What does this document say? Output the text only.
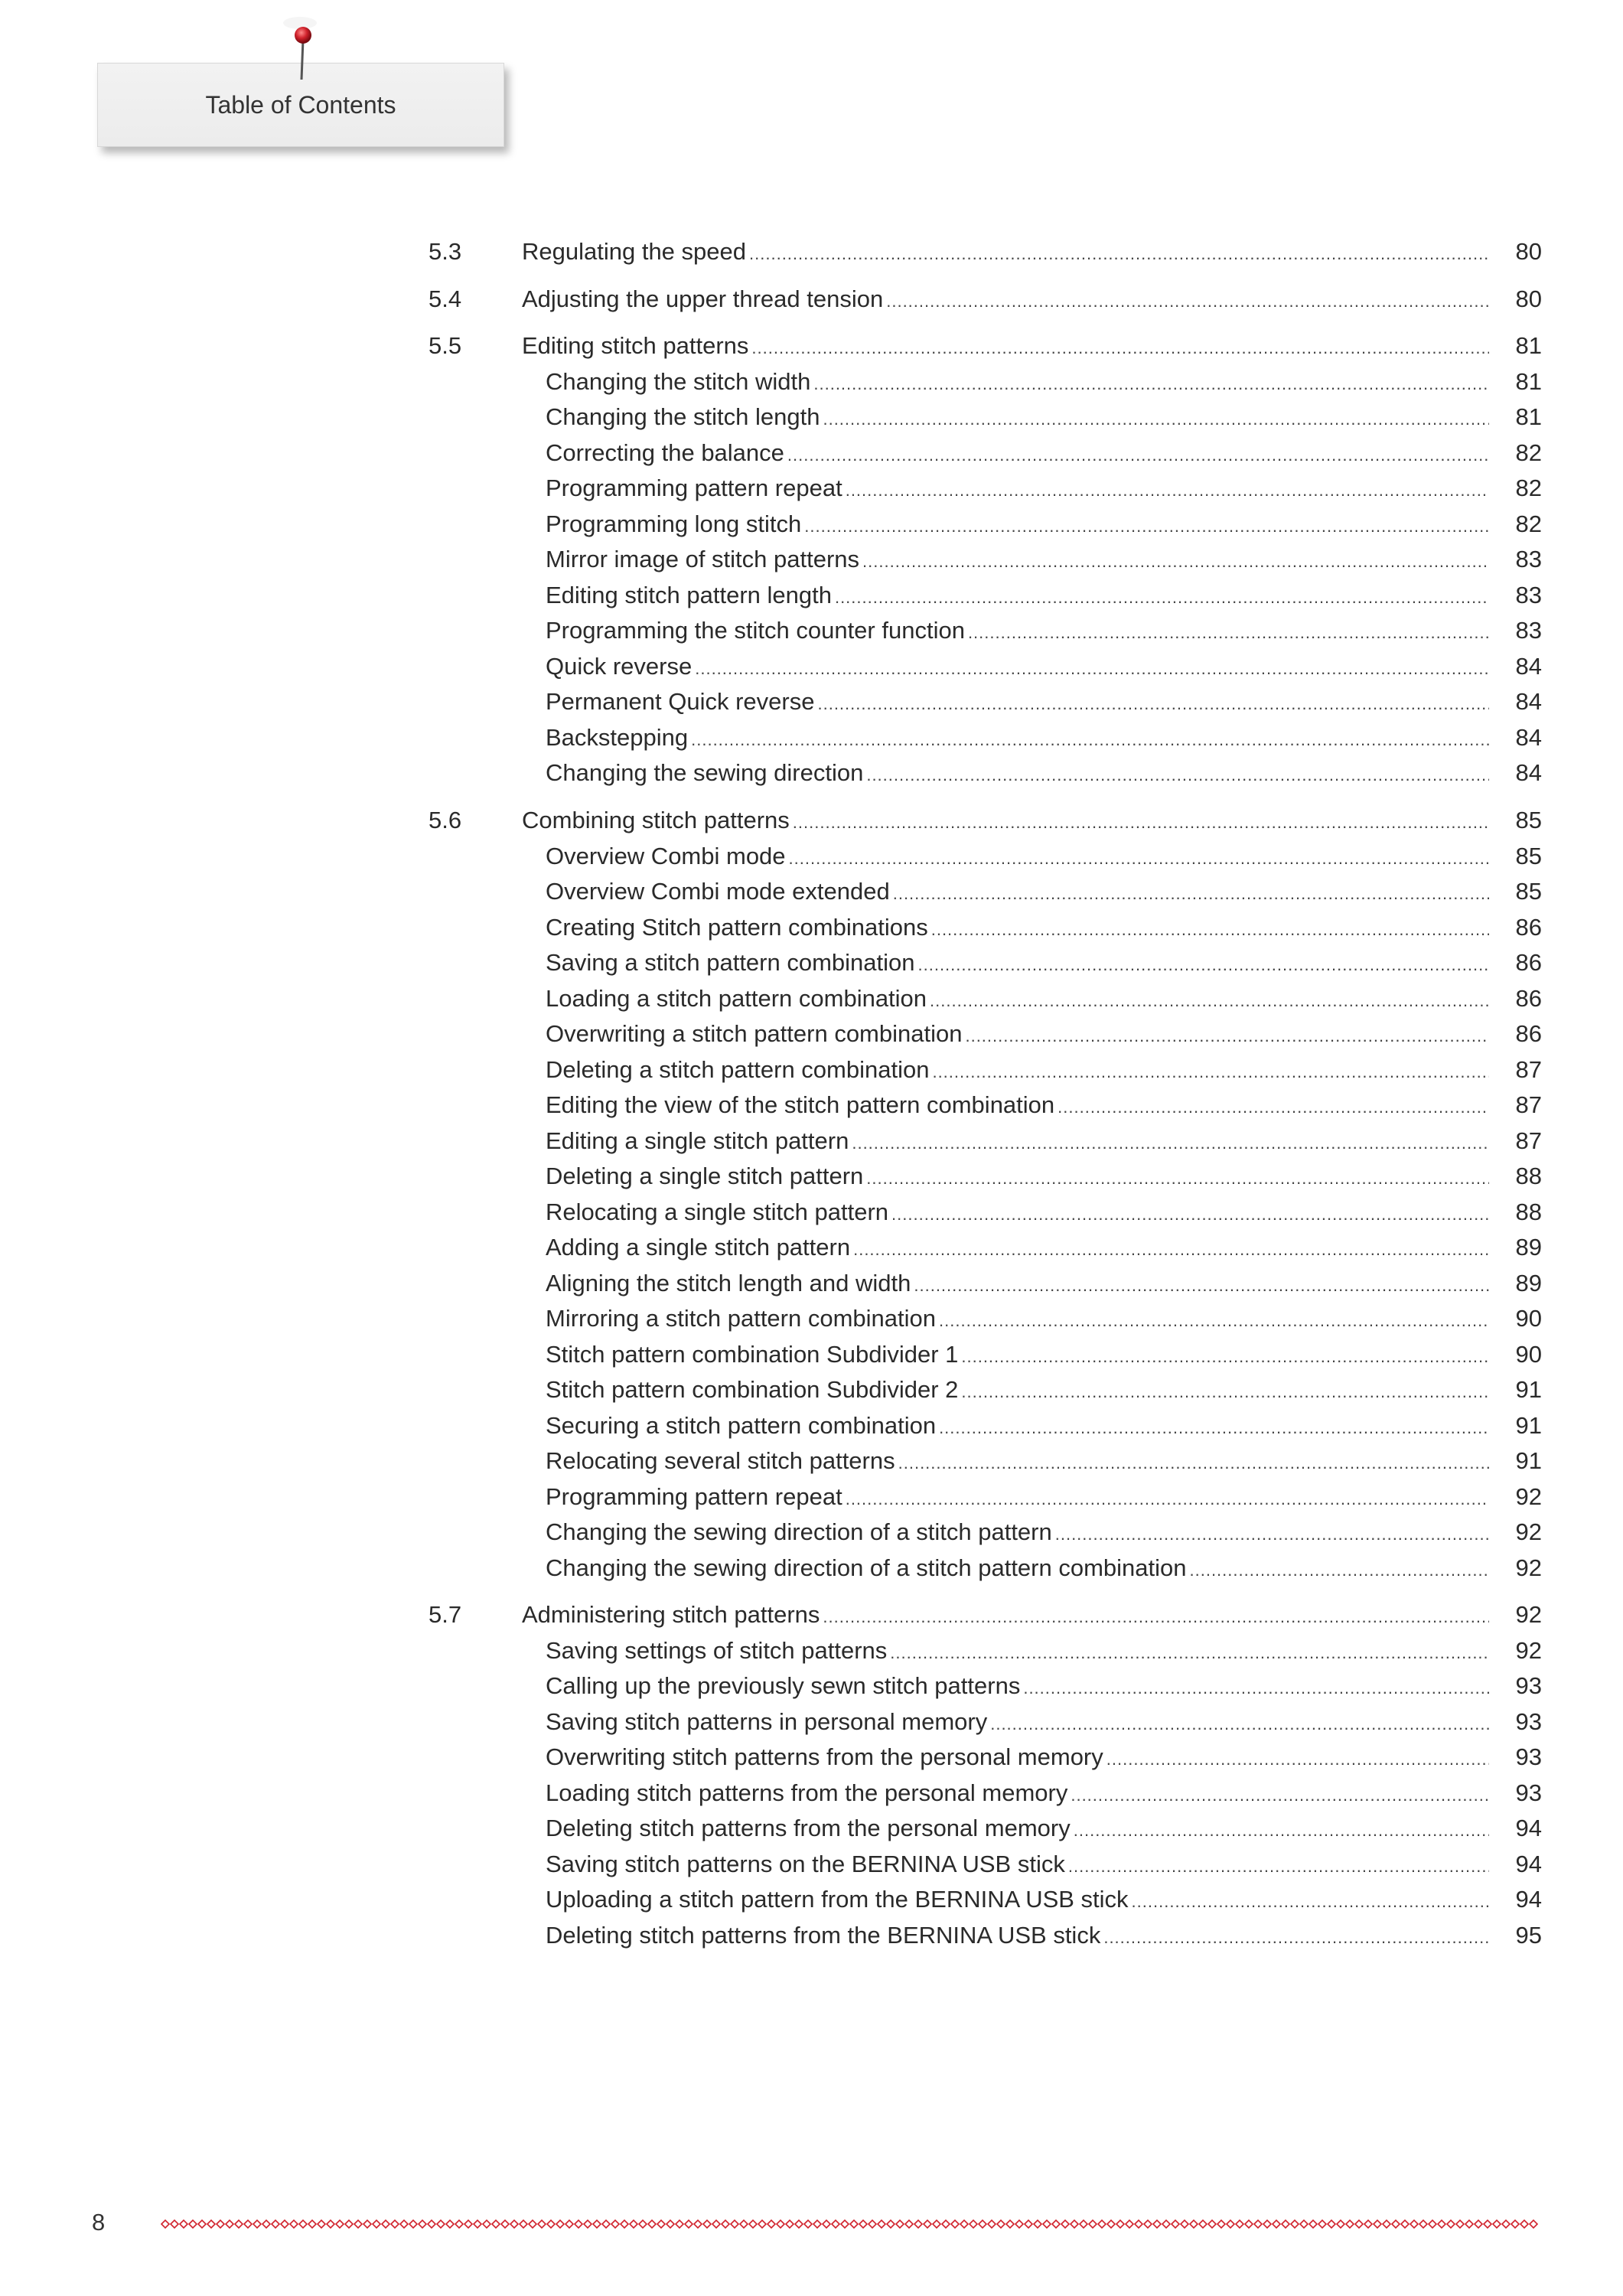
Table of Contents
5.3	Regulating the speed .....	80
5.4	Adjusting the upper thread tension .....	80
5.5	Editing stitch patterns .....	81
Changing the stitch width .....	81
Changing the stitch length .....	81
Correcting the balance .....	82
Programming pattern repeat .....	82
Programming long stitch .....	82
Mirror image of stitch patterns .....	83
Editing stitch pattern length .....	83
Programming the stitch counter function .....	83
Quick reverse .....	84
Permanent Quick reverse .....	84
Backstepping .....	84
Changing the sewing direction .....	84
5.6	Combining stitch patterns .....	85
Overview Combi mode .....	85
Overview Combi mode extended .....	85
Creating Stitch pattern combinations .....	86
Saving a stitch pattern combination .....	86
Loading a stitch pattern combination .....	86
Overwriting a stitch pattern combination .....	86
Deleting a stitch pattern combination .....	87
Editing the view of the stitch pattern combination .....	87
Editing a single stitch pattern .....	87
Deleting a single stitch pattern .....	88
Relocating a single stitch pattern .....	88
Adding a single stitch pattern .....	89
Aligning the stitch length and width .....	89
Mirroring a stitch pattern combination .....	90
Stitch pattern combination Subdivider 1 .....	90
Stitch pattern combination Subdivider 2 .....	91
Securing a stitch pattern combination .....	91
Relocating several stitch patterns .....	91
Programming pattern repeat .....	92
Changing the sewing direction of a stitch pattern .....	92
Changing the sewing direction of a stitch pattern combination .....	92
5.7	Administering stitch patterns .....	92
Saving settings of stitch patterns .....	92
Calling up the previously sewn stitch patterns .....	93
Saving stitch patterns in personal memory .....	93
Overwriting stitch patterns from the personal memory .....	93
Loading stitch patterns from the personal memory .....	93
Deleting stitch patterns from the personal memory .....	94
Saving stitch patterns on the BERNINA USB stick .....	94
Uploading a stitch pattern from the BERNINA USB stick .....	94
Deleting stitch patterns from the BERNINA USB stick .....	95
8
